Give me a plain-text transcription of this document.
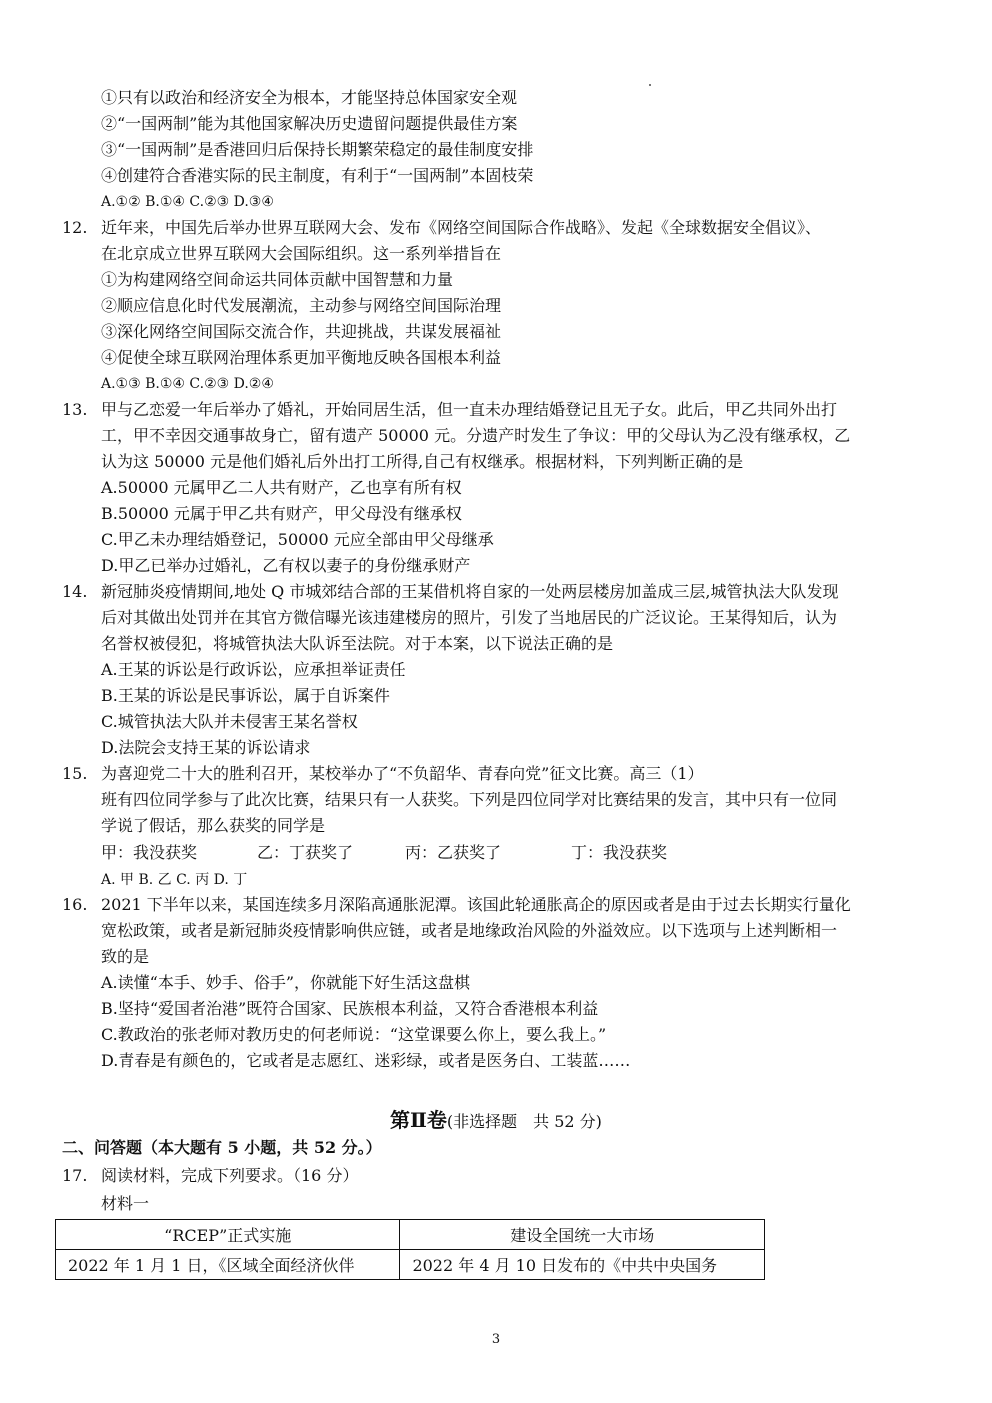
①只有以政治和经济安全为根本，才能坚持总体国家安全观
②“一国两制”能为其他国家解决历史遗留问题提供最佳方案
③“一国两制”是香港回归后保持长期繁荣稳定的最佳制度安排
④创建符合香港实际的民主制度，有利于“一国两制”本固枝荣
A.①② B.①④ C.②③ D.③④
12. 近年来，中国先后举办世界互联网大会、发布《网络空间国际合作战略》、发起《全球数据安全倡议》、
在北京成立世界互联网大会国际组织。这一系列举措旨在
①为构建网络空间命运共同体贡献中国智慧和力量
②顺应信息化时代发展潮流，主动参与网络空间国际治理
③深化网络空间国际交流合作，共迎挑战，共谋发展福祉
④促使全球互联网治理体系更加平衡地反映各国根本利益
A.①③ B.①④ C.②③ D.②④
13. 甲与乙恋爱一年后举办了婚礼，开始同居生活，但一直未办理结婚登记且无子女。此后，甲乙共同外出打
工，甲不幸因交通事故身亡，留有遗产 50000 元。分遗产时发生了争议：甲的父母认为乙没有继承权，乙
认为这 50000 元是他们婚礼后外出打工所得,自己有权继承。根据材料，下列判断正确的是
A.50000 元属甲乙二人共有财产，乙也享有所有权
B.50000 元属于甲乙共有财产，甲父母没有继承权
C.甲乙未办理结婚登记，50000 元应全部由甲父母继承
D.甲乙已举办过婚礼，乙有权以妻子的身份继承财产
14. 新冠肺炎疫情期间,地处 Q 市城郊结合部的王某借机将自家的一处两层楼房加盖成三层,城管执法大队发现
后对其做出处罚并在其官方微信曝光该违建楼房的照片，引发了当地居民的广泛议论。王某得知后，认为
名誉权被侵犯，将城管执法大队诉至法院。对于本案，以下说法正确的是
A.王某的诉讼是行政诉讼，应承担举证责任
B.王某的诉讼是民事诉讼，属于自诉案件
C.城管执法大队并未侵害王某名誉权
D.法院会支持王某的诉讼请求
15. 为喜迎党二十大的胜利召开，某校举办了“不负韶华、青春向党”征文比赛。高三（1）
班有四位同学参与了此次比赛，结果只有一人获奖。下列是四位同学对比赛结果的发言，其中只有一位同
学说了假话，那么获奖的同学是
甲：我没获奖	乙：丁获奖了	丙：乙获奖了	丁：我没获奖
A. 甲 B. 乙 C. 丙 D. 丁
16. 2021 下半年以来，某国连续多月深陷高通胀泥潭。该国此轮通胀高企的原因或者是由于过去长期实行量化
宽松政策，或者是新冠肺炎疫情影响供应链，或者是地缘政治风险的外溢效应。以下选项与上述判断相一
致的是
A.读懂“本手、妙手、俗手”，你就能下好生活这盘棋
B.坚持“爱国者治港”既符合国家、民族根本利益，又符合香港根本利益
C.教政治的张老师对教历史的何老师说：“这堂课要么你上，要么我上。”
D.青春是有颜色的，它或者是志愿红、迷彩绿，或者是医务白、工装蓝……
第Ⅱ卷(非选择题　共 52 分)
二、问答题（本大题有 5 小题，共 52 分。）
17. 阅读材料，完成下列要求。（16 分）
材料一
“RCEP”正式实施	建设全国统一大市场
2022 年 1 月 1 日，《区域全面经济伙伴	2022 年 4 月 10 日发布的《中共中央国务
3
